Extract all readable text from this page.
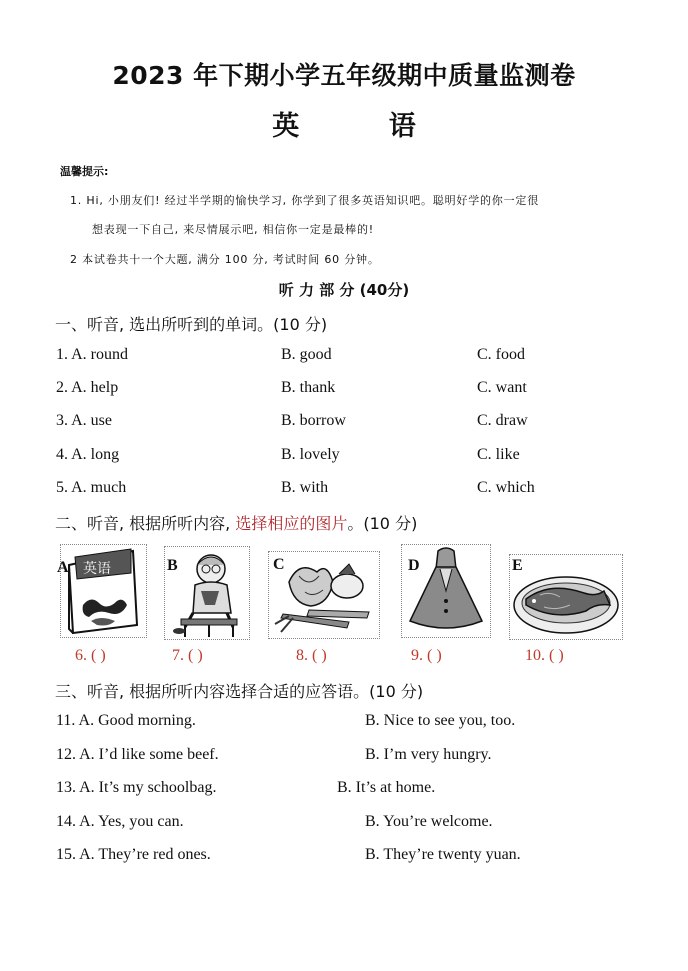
2023 年下期小学五年级期中质量监测卷
英 语
温馨提示:
1. Hi, 小朋友们! 经过半学期的愉快学习, 你学到了很多英语知识吧。聪明好学的你一定很
想表现一下自己, 来尽情展示吧, 相信你一定是最棒的!
2 本试卷共十一个大题, 满分 100 分, 考试时间 60 分钟。
听 力 部 分 (40分)
一、听音, 选出所听到的单词。(10 分)
1. A. round	B. good	C. food
2. A. help	B. thank	C. want
3. A. use	B. borrow	C. draw
4. A. long	B. lovely	C. like
5. A. much	B. with	C. which
二、听音, 根据所听内容, 选择相应的图片。(10 分)
A 英语	B	C	D	E
6. ( )	7. ( )	8. ( )	9. ( )	10. ( )
三、听音, 根据所听内容选择合适的应答语。(10 分)
11. A. Good morning.	B. Nice to see you, too.
12. A. I’d like some beef.	B. I’m very hungry.
13. A. It’s my schoolbag.	B. It’s at home.
14. A. Yes, you can.	B. You’re welcome.
15. A. They’re red ones.	B. They’re twenty yuan.
